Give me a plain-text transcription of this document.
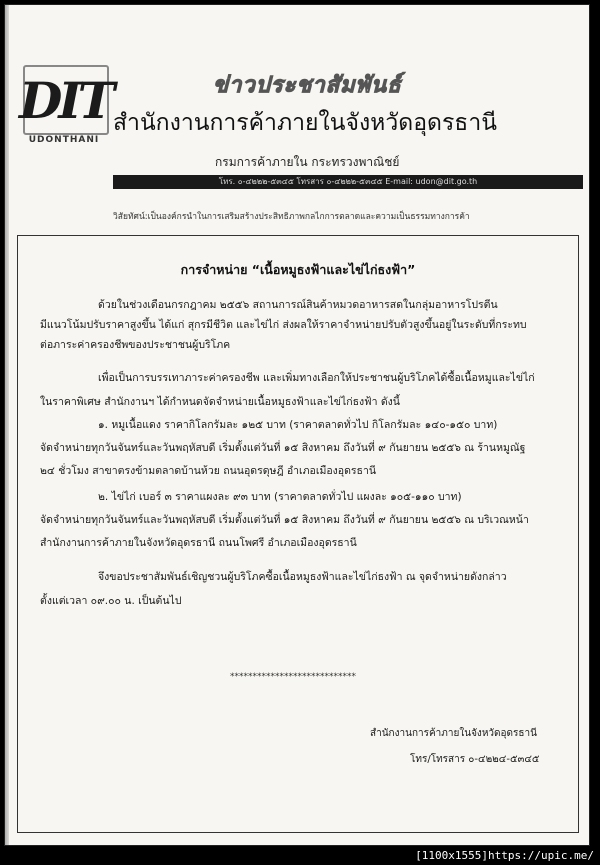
DIT
UDONTHANI
ข่าวประชาสัมพันธ์
สำนักงานการค้าภายในจังหวัดอุดรธานี
กรมการค้าภายใน กระทรวงพาณิชย์
โทร. ๐-๔๒๒๒-๕๓๔๕ โทรสาร ๐-๔๒๒๒-๕๓๔๕ E-mail: udon@dit.go.th
วิสัยทัศน์:เป็นองค์กรนำในการเสริมสร้างประสิทธิภาพกลไกการตลาดและความเป็นธรรมทางการค้า
การจำหน่าย “เนื้อหมูธงฟ้าและไข่ไก่ธงฟ้า”
ด้วยในช่วงเดือนกรกฎาคม ๒๕๕๖ สถานการณ์สินค้าหมวดอาหารสดในกลุ่มอาหารโปรตีน
มีแนวโน้มปรับราคาสูงขึ้น ได้แก่ สุกรมีชีวิต และไข่ไก่ ส่งผลให้ราคาจำหน่ายปรับตัวสูงขึ้นอยู่ในระดับที่กระทบ
ต่อภาระค่าครองชีพของประชาชนผู้บริโภค
เพื่อเป็นการบรรเทาภาระค่าครองชีพ และเพิ่มทางเลือกให้ประชาชนผู้บริโภคได้ซื้อเนื้อหมูและไข่ไก่
ในราคาพิเศษ สำนักงานฯ ได้กำหนดจัดจำหน่ายเนื้อหมูธงฟ้าและไข่ไก่ธงฟ้า ดังนี้
๑. หมูเนื้อแดง ราคากิโลกรัมละ ๑๒๕ บาท (ราคาตลาดทั่วไป กิโลกรัมละ ๑๔๐-๑๕๐ บาท)
จัดจำหน่ายทุกวันจันทร์และวันพฤหัสบดี เริ่มตั้งแต่วันที่ ๑๕ สิงหาคม ถึงวันที่ ๙ กันยายน ๒๕๕๖ ณ ร้านหมูณัฐ
๒๔ ชั่วโมง สาขาตรงข้ามตลาดบ้านห้วย ถนนอุดรดุษฎี อำเภอเมืองอุดรธานี
๒. ไข่ไก่ เบอร์ ๓ ราคาแผงละ ๙๓ บาท (ราคาตลาดทั่วไป แผงละ ๑๐๕-๑๑๐ บาท)
จัดจำหน่ายทุกวันจันทร์และวันพฤหัสบดี เริ่มตั้งแต่วันที่ ๑๕ สิงหาคม ถึงวันที่ ๙ กันยายน ๒๕๕๖ ณ บริเวณหน้า
สำนักงานการค้าภายในจังหวัดอุดรธานี ถนนโพศรี อำเภอเมืองอุดรธานี
จึงขอประชาสัมพันธ์เชิญชวนผู้บริโภคซื้อเนื้อหมูธงฟ้าและไข่ไก่ธงฟ้า ณ จุดจำหน่ายดังกล่าว
ตั้งแต่เวลา ๐๙.๐๐ น. เป็นต้นไป
****************************
สำนักงานการค้าภายในจังหวัดอุดรธานี
โทร/โทรสาร ๐-๔๒๒๔-๕๓๔๕
[1100x1555]https://upic.me/
